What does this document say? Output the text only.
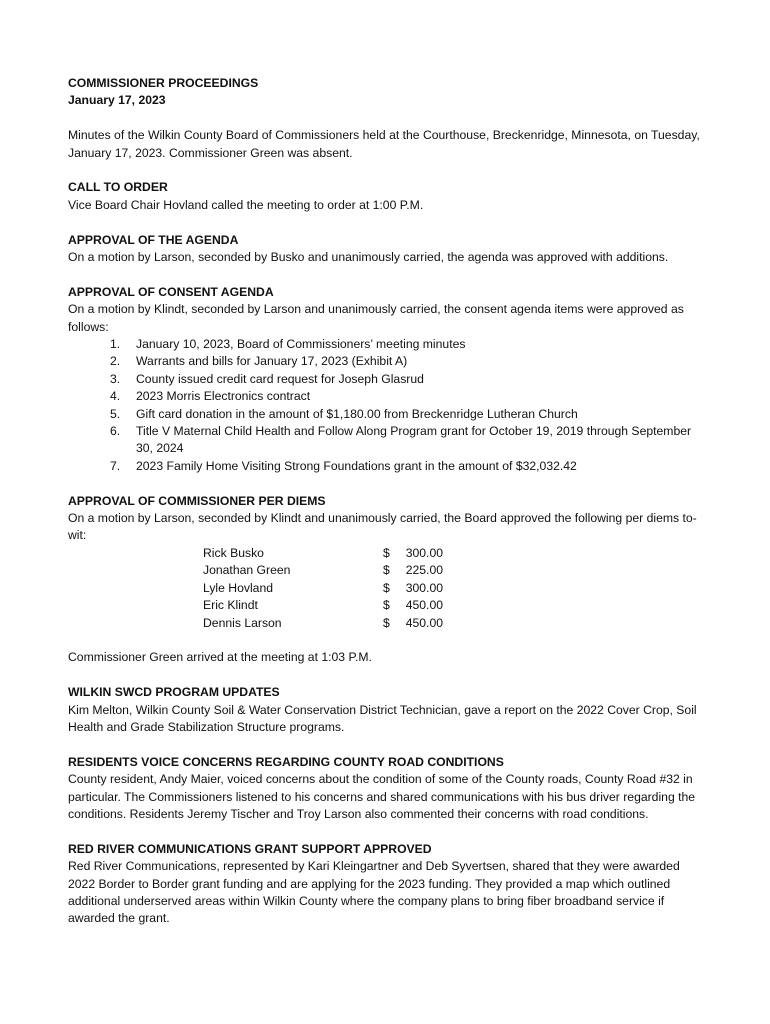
COMMISSIONER PROCEEDINGS

January 17, 2023

Minutes of the Wilkin County Board of Commissioners held at the Courthouse, Breckenridge, Minnesota, on Tuesday, January 17, 2023. Commissioner Green was absent.

CALL TO ORDER

Vice Board Chair Hovland called the meeting to order at 1:00 P.M.

APPROVAL OF THE AGENDA

On a motion by Larson, seconded by Busko and unanimously carried, the agenda was approved with additions.

APPROVAL OF CONSENT AGENDA

On a motion by Klindt, seconded by Larson and unanimously carried, the consent agenda items were approved as follows:

1.	January 10, 2023, Board of Commissioners’ meeting minutes
2.	Warrants and bills for January 17, 2023 (Exhibit A)
3.	County issued credit card request for Joseph Glasrud
4.	2023 Morris Electronics contract
5.	Gift card donation in the amount of $1,180.00 from Breckenridge Lutheran Church
6.	Title V Maternal Child Health and Follow Along Program grant for October 19, 2019 through September 30, 2024
7.	2023 Family Home Visiting Strong Foundations grant in the amount of $32,032.42

APPROVAL OF COMMISSIONER PER DIEMS

On a motion by Larson, seconded by Klindt and unanimously carried, the Board approved the following per diems to-wit:

Rick Busko	$	300.00
Jonathan Green	$	225.00
Lyle Hovland	$	300.00
Eric Klindt	$	450.00
Dennis Larson	$	450.00

Commissioner Green arrived at the meeting at 1:03 P.M.

WILKIN SWCD PROGRAM UPDATES

Kim Melton, Wilkin County Soil & Water Conservation District Technician, gave a report on the 2022 Cover Crop, Soil Health and Grade Stabilization Structure programs.

RESIDENTS VOICE CONCERNS REGARDING COUNTY ROAD CONDITIONS

County resident, Andy Maier, voiced concerns about the condition of some of the County roads, County Road #32 in particular. The Commissioners listened to his concerns and shared communications with his bus driver regarding the conditions. Residents Jeremy Tischer and Troy Larson also commented their concerns with road conditions.

RED RIVER COMMUNICATIONS GRANT SUPPORT APPROVED

Red River Communications, represented by Kari Kleingartner and Deb Syvertsen, shared that they were awarded 2022 Border to Border grant funding and are applying for the 2023 funding. They provided a map which outlined additional underserved areas within Wilkin County where the company plans to bring fiber broadband service if awarded the grant.
